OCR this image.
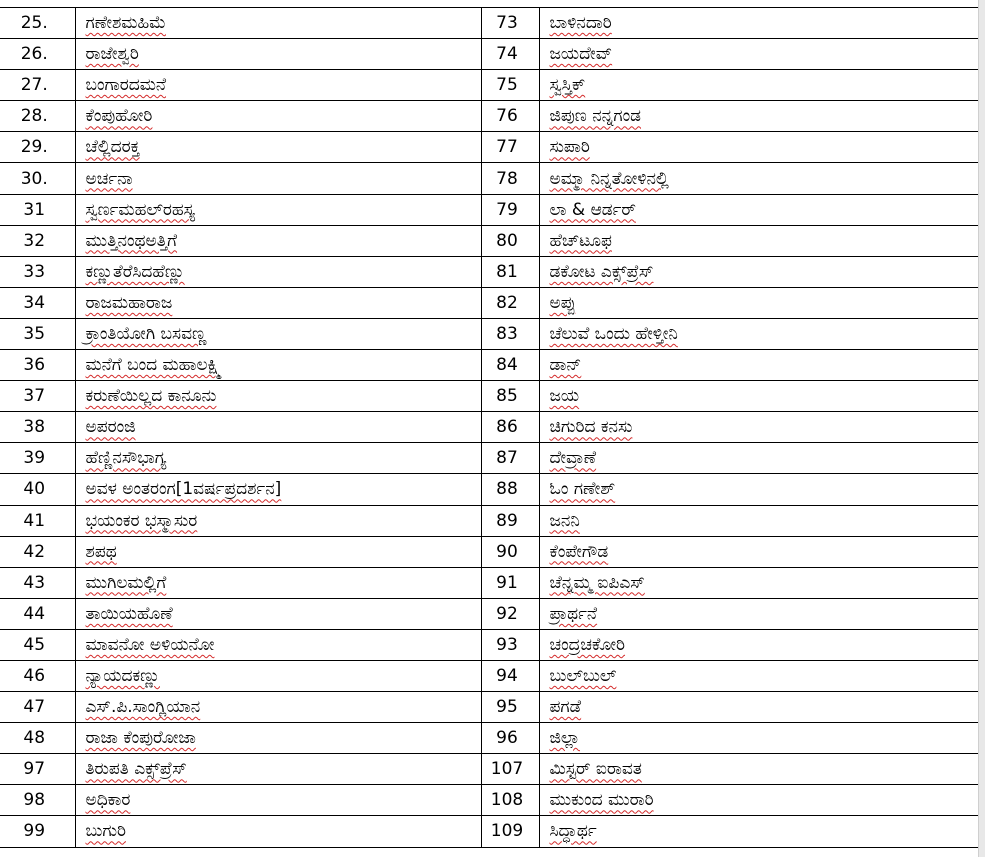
25.	ಗಣೇಶಮಹಿಮೆ	73	ಬಾಳಿನದಾರಿ
26.	ರಾಜೇಶ್ವರಿ	74	ಜಯದೇವ್
27.	ಬಂಗಾರದಮನೆ	75	ಸ್ವಸ್ತಿಕ್
28.	ಕೆಂಪುಹೋರಿ	76	ಜಿಪುಣ ನನ್ನಗಂಡ
29.	ಚೆಲ್ಲಿದರಕ್ತ	77	ಸುಪಾರಿ
30.	ಅರ್ಚನಾ	78	ಅಮ್ಮಾ ನಿನ್ನತೋಳಿನಲ್ಲಿ
31	ಸ್ವರ್ಣಮಹಲ್‌ರಹಸ್ಯ	79	ಲಾ & ಆರ್ಡರ್
32	ಮುತ್ತಿನಂಥಅತ್ತಿಗೆ	80	ಹೆಚ್‌ಟೂಫ
33	ಕಣ್ಣುತೆರೆಸಿದಹೆಣ್ಣು	81	ಡಕೋಟ ಎಕ್ಸ್‌ಪ್ರೆಸ್
34	ರಾಜಮಹಾರಾಜ	82	ಅಪ್ಪು
35	ಕ್ರಾಂತಿಯೋಗಿ ಬಸವಣ್ಣ	83	ಚೆಲುವೆ ಒಂದು ಹೇಳ್ತೀನಿ
36	ಮನೆಗೆ ಬಂದ ಮಹಾಲಕ್ಷ್ಮಿ	84	ಡಾನ್
37	ಕರುಣೆಯಿಲ್ಲದ ಕಾನೂನು	85	ಜಯ
38	ಅಪರಂಜಿ	86	ಚಿಗುರಿದ ಕನಸು
39	ಹೆಣ್ಣಿನಸೌಭಾಗ್ಯ	87	ದೇವ್ರಾಣೆ
40	ಅವಳ ಅಂತರಂಗ[1ವರ್ಷಪ್ರದರ್ಶನ]	88	ಓಂ ಗಣೇಶ್
41	ಭಯಂಕರ ಭಸ್ಮಾಸುರ	89	ಜನನಿ
42	ಶಪಥ	90	ಕೆಂಪೇಗೌಡ
43	ಮುಗಿಲಮಲ್ಲಿಗೆ	91	ಚೆನ್ನಮ್ಮ ಐಪಿಎಸ್
44	ತಾಯಿಯಹೊಣೆ	92	ಪ್ರಾರ್ಥನೆ
45	ಮಾವನೋ ಅಳಿಯನೋ	93	ಚಂದ್ರಚಕೋರಿ
46	ನ್ಯಾಯದಕಣ್ಣು	94	ಬುಲ್‌ಬುಲ್
47	ಎಸ್.ಪಿ.ಸಾಂಗ್ಲಿಯಾನ	95	ಪಗಡೆ
48	ರಾಜಾ ಕೆಂಪುರೋಜಾ	96	ಜಿಲ್ಲಾ
97	ತಿರುಪತಿ ಎಕ್ಸ್‌ಪ್ರೆಸ್	107	ಮಿಸ್ಟರ್ ಐರಾವತ
98	ಅಧಿಕಾರ	108	ಮುಕುಂದ ಮುರಾರಿ
99	ಬುಗುರಿ	109	ಸಿದ್ಧಾರ್ಥ
